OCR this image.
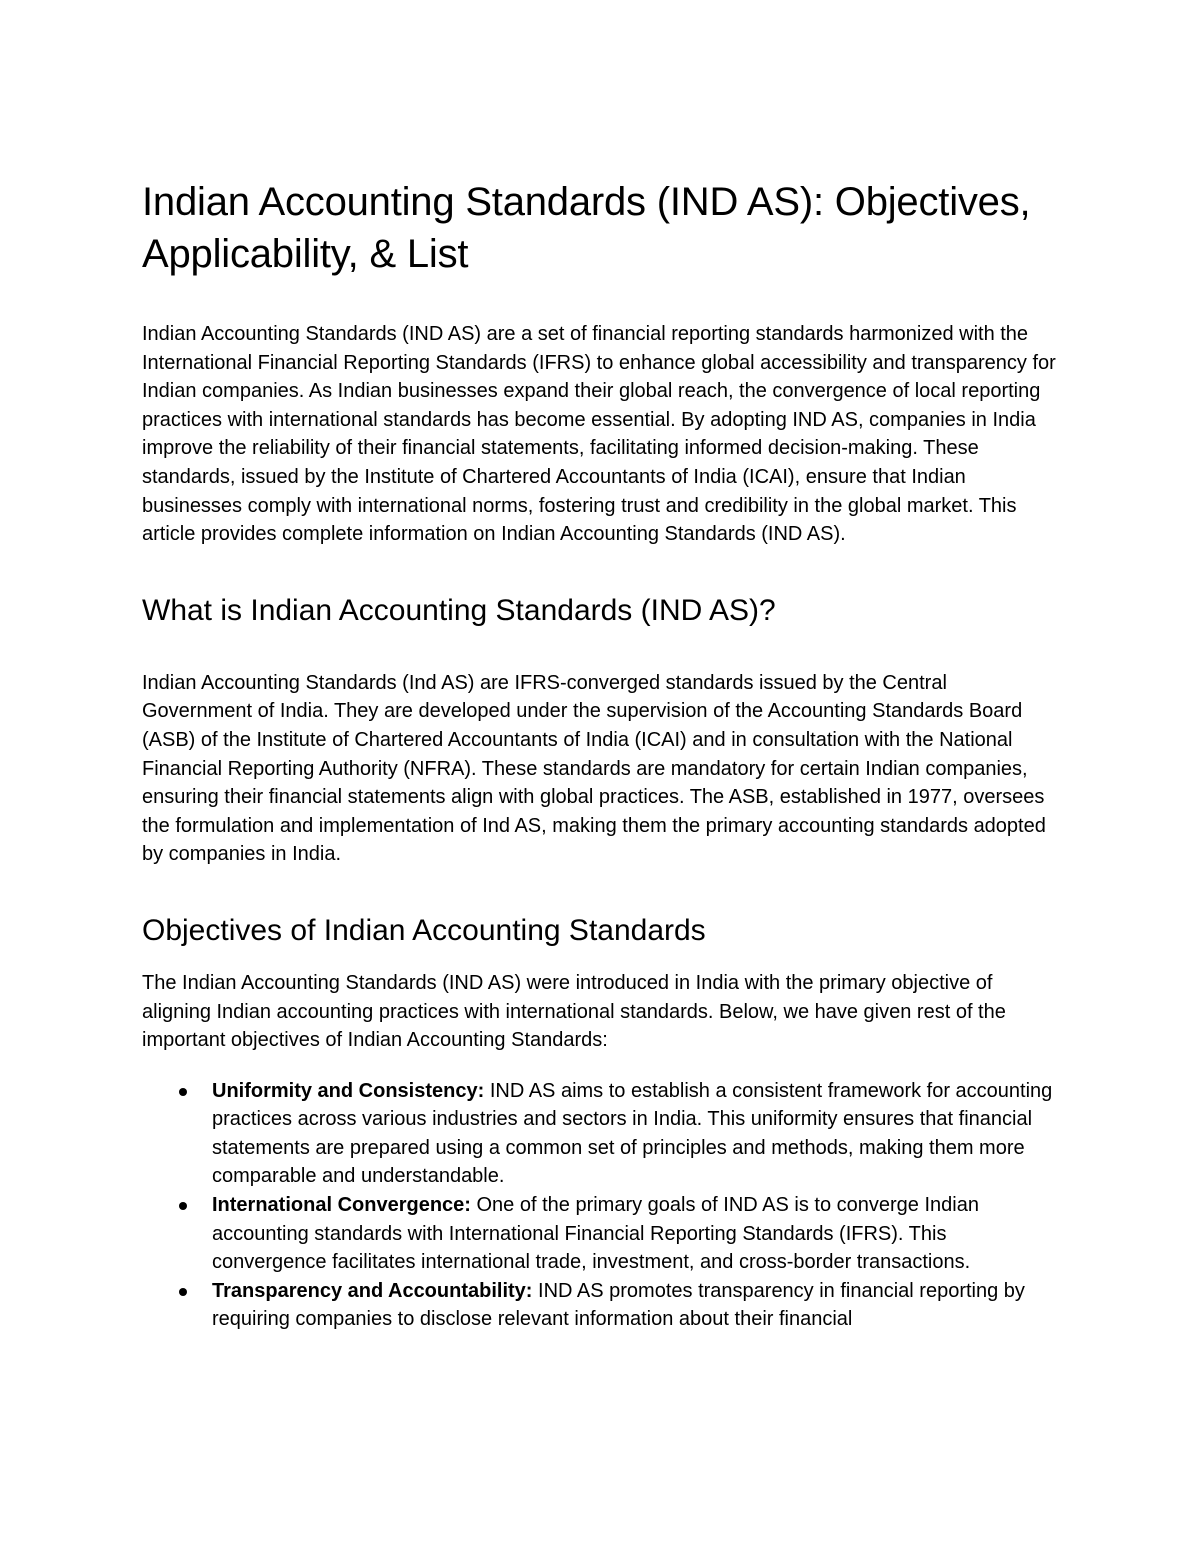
Indian Accounting Standards (IND AS): Objectives, Applicability, & List

Indian Accounting Standards (IND AS) are a set of financial reporting standards harmonized with the International Financial Reporting Standards (IFRS) to enhance global accessibility and transparency for Indian companies. As Indian businesses expand their global reach, the convergence of local reporting practices with international standards has become essential. By adopting IND AS, companies in India improve the reliability of their financial statements, facilitating informed decision-making. These standards, issued by the Institute of Chartered Accountants of India (ICAI), ensure that Indian businesses comply with international norms, fostering trust and credibility in the global market. This article provides complete information on Indian Accounting Standards (IND AS).

What is Indian Accounting Standards (IND AS)?

Indian Accounting Standards (Ind AS) are IFRS-converged standards issued by the Central Government of India. They are developed under the supervision of the Accounting Standards Board (ASB) of the Institute of Chartered Accountants of India (ICAI) and in consultation with the National Financial Reporting Authority (NFRA). These standards are mandatory for certain Indian companies, ensuring their financial statements align with global practices. The ASB, established in 1977, oversees the formulation and implementation of Ind AS, making them the primary accounting standards adopted by companies in India.

Objectives of Indian Accounting Standards

The Indian Accounting Standards (IND AS) were introduced in India with the primary objective of aligning Indian accounting practices with international standards. Below, we have given rest of the important objectives of Indian Accounting Standards:

Uniformity and Consistency: IND AS aims to establish a consistent framework for accounting practices across various industries and sectors in India. This uniformity ensures that financial statements are prepared using a common set of principles and methods, making them more comparable and understandable.
International Convergence: One of the primary goals of IND AS is to converge Indian accounting standards with International Financial Reporting Standards (IFRS). This convergence facilitates international trade, investment, and cross-border transactions.
Transparency and Accountability: IND AS promotes transparency in financial reporting by requiring companies to disclose relevant information about their financial
